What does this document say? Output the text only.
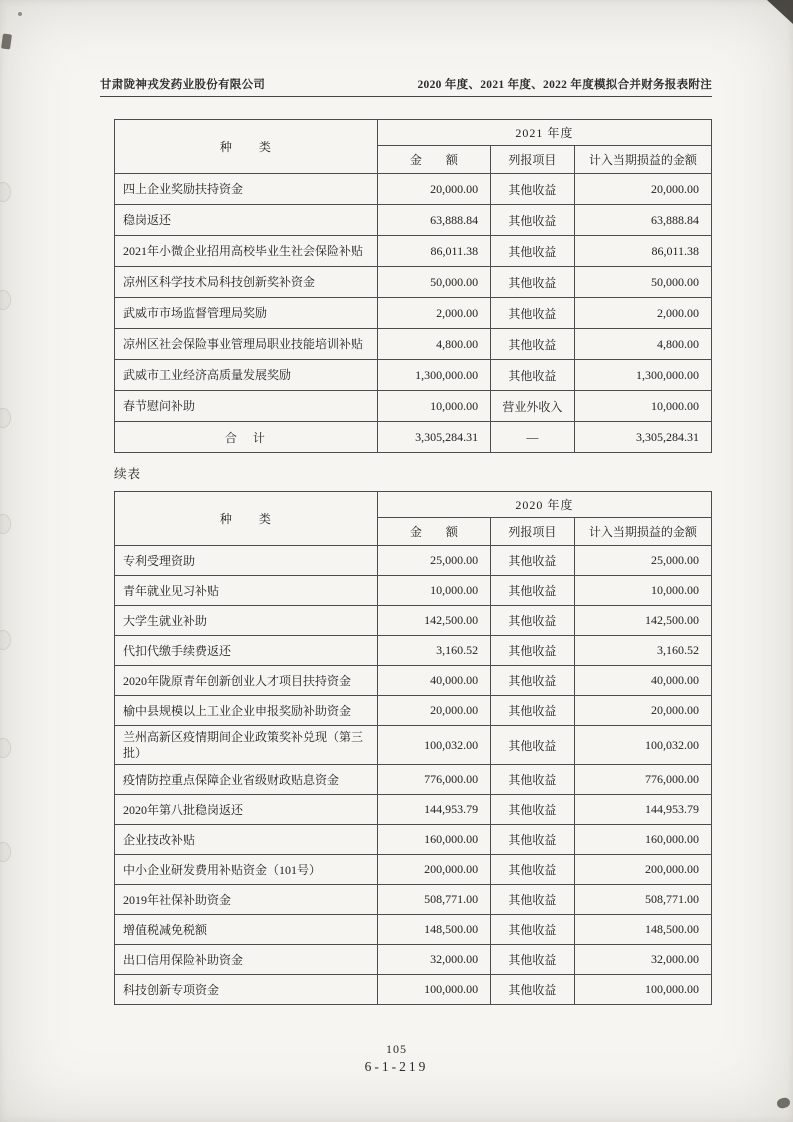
甘肃陇神戎发药业股份有限公司	2020 年度、2021 年度、2022 年度模拟合并财务报表附注
种　　类	2021 年度		
	金　　额	列报项目	计入当期损益的金额
四上企业奖励扶持资金	20,000.00	其他收益	20,000.00
稳岗返还	63,888.84	其他收益	63,888.84
2021年小微企业招用高校毕业生社会保险补贴	86,011.38	其他收益	86,011.38
凉州区科学技术局科技创新奖补资金	50,000.00	其他收益	50,000.00
武威市市场监督管理局奖励	2,000.00	其他收益	2,000.00
凉州区社会保险事业管理局职业技能培训补贴	4,800.00	其他收益	4,800.00
武威市工业经济高质量发展奖励	1,300,000.00	其他收益	1,300,000.00
春节慰问补助	10,000.00	营业外收入	10,000.00
合　计	3,305,284.31	—	3,305,284.31
续表
种　　类	2020 年度		
	金　　额	列报项目	计入当期损益的金额
专利受理资助	25,000.00	其他收益	25,000.00
青年就业见习补贴	10,000.00	其他收益	10,000.00
大学生就业补助	142,500.00	其他收益	142,500.00
代扣代缴手续费返还	3,160.52	其他收益	3,160.52
2020年陇原青年创新创业人才项目扶持资金	40,000.00	其他收益	40,000.00
榆中县规模以上工业企业申报奖励补助资金	20,000.00	其他收益	20,000.00
兰州高新区疫情期间企业政策奖补兑现（第三批）	100,032.00	其他收益	100,032.00
疫情防控重点保障企业省级财政贴息资金	776,000.00	其他收益	776,000.00
2020年第八批稳岗返还	144,953.79	其他收益	144,953.79
企业技改补贴	160,000.00	其他收益	160,000.00
中小企业研发费用补贴资金（101号）	200,000.00	其他收益	200,000.00
2019年社保补助资金	508,771.00	其他收益	508,771.00
增值税减免税额	148,500.00	其他收益	148,500.00
出口信用保险补助资金	32,000.00	其他收益	32,000.00
科技创新专项资金	100,000.00	其他收益	100,000.00
105
6-1-219
